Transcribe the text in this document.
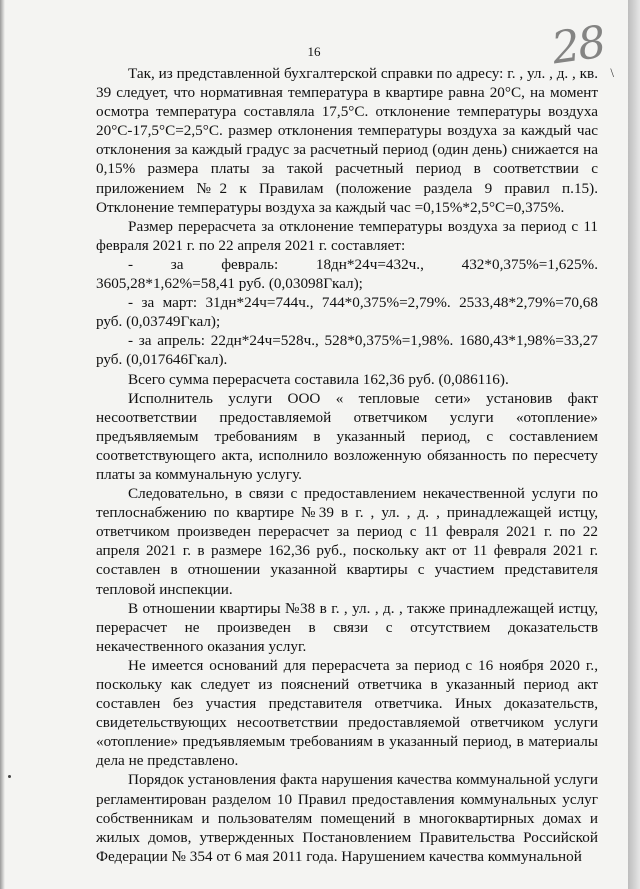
16	28 \

Так, из представленной бухгалтерской справки по адресу: г. , ул. , д. , кв. 39 следует, что нормативная температура в квартире равна 20°С, на момент осмотра температура составляла 17,5°С. отклонение температуры воздуха 20°С-17,5°С=2,5°С. размер отклонения температуры воздуха за каждый час отклонения за каждый градус за расчетный период (один день) снижается на 0,15% размера платы за такой расчетный период в соответствии с приложением №2 к Правилам (положение раздела 9 правил п.15). Отклонение температуры воздуха за каждый час =0,15%*2,5°С=0,375%.

Размер перерасчета за отклонение температуры воздуха за период с 11 февраля 2021 г. по 22 апреля 2021 г. составляет:

- за февраль: 18дн*24ч=432ч., 432*0,375%=1,625%. 3605,28*1,62%=58,41 руб. (0,03098Гкал);

- за март: 31дн*24ч=744ч., 744*0,375%=2,79%. 2533,48*2,79%=70,68 руб. (0,03749Гкал);

- за апрель: 22дн*24ч=528ч., 528*0,375%=1,98%. 1680,43*1,98%=33,27 руб. (0,017646Гкал).

Всего сумма перерасчета составила 162,36 руб. (0,086116).

Исполнитель услуги ООО « тепловые сети» установив факт несоответствии предоставляемой ответчиком услуги «отопление» предъявляемым требованиям в указанный период, с составлением соответствующего акта, исполнило возложенную обязанность по пересчету платы за коммунальную услугу.

Следовательно, в связи с предоставлением некачественной услуги по теплоснабжению по квартире №39 в г. , ул. , д. , принадлежащей истцу, ответчиком произведен перерасчет за период с 11 февраля 2021 г. по 22 апреля 2021 г. в размере 162,36 руб., поскольку акт от 11 февраля 2021 г. составлен в отношении указанной квартиры с участием представителя тепловой инспекции.

В отношении квартиры №38 в г. , ул. , д. , также принадлежащей истцу, перерасчет не произведен в связи с отсутствием доказательств некачественного оказания услуг.

Не имеется оснований для перерасчета за период с 16 ноября 2020 г., поскольку как следует из пояснений ответчика в указанный период акт составлен без участия представителя ответчика. Иных доказательств, свидетельствующих несоответствии предоставляемой ответчиком услуги «отопление» предъявляемым требованиям в указанный период, в материалы дела не представлено.

Порядок установления факта нарушения качества коммунальной услуги регламентирован разделом 10 Правил предоставления коммунальных услуг собственникам и пользователям помещений в многоквартирных домах и жилых домов, утвержденных Постановлением Правительства Российской Федерации № 354 от 6 мая 2011 года. Нарушением качества коммунальной
